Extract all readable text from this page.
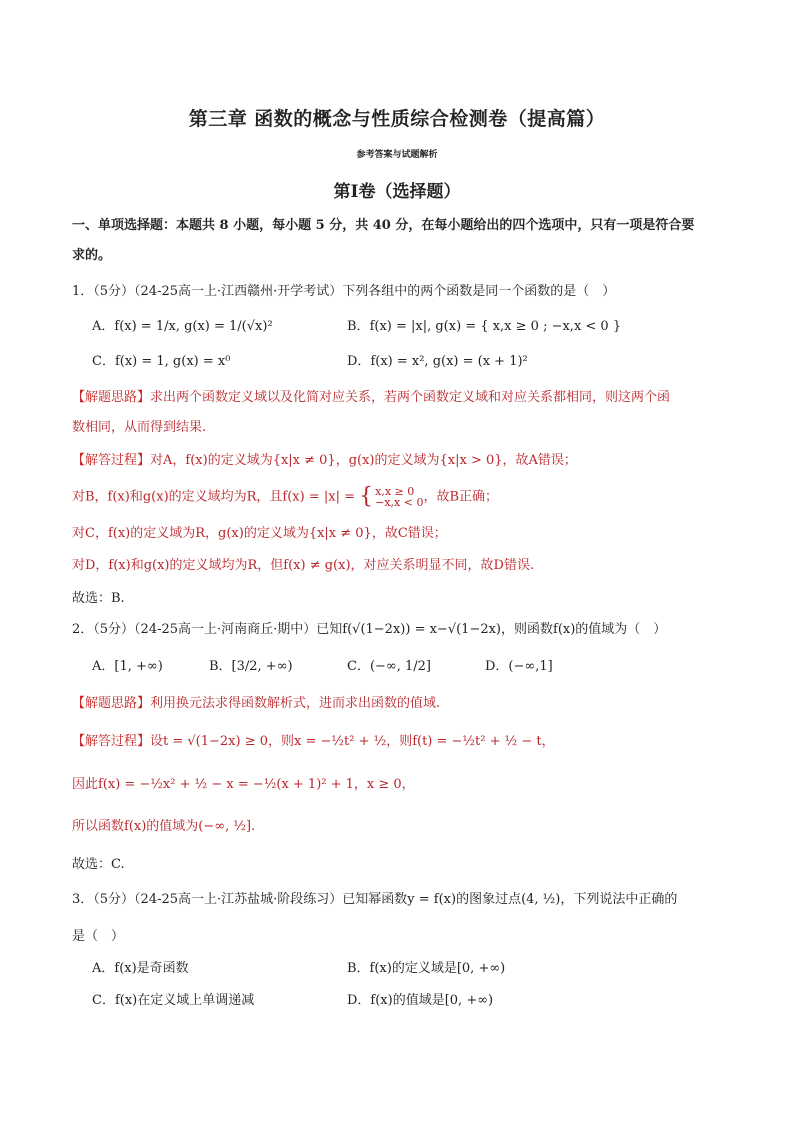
第三章 函数的概念与性质综合检测卷（提高篇）
参考答案与试题解析
第I卷（选择题）
一、单项选择题：本题共 8 小题，每小题 5 分，共 40 分，在每小题给出的四个选项中，只有一项是符合要
求的。
1．（5分）（24-25高一上·江西赣州·开学考试）下列各组中的两个函数是同一个函数的是（　）
A．f(x) = 1/x, g(x) = 1/(√x)²	B．f(x) = |x|, g(x) = { x,x ≥ 0 ; −x,x < 0 }
C．f(x) = 1, g(x) = x⁰	D．f(x) = x², g(x) = (x + 1)²
【解题思路】求出两个函数定义域以及化简对应关系，若两个函数定义域和对应关系都相同，则这两个函
数相同，从而得到结果.
【解答过程】对A，f(x)的定义域为{x|x ≠ 0}，g(x)的定义域为{x|x > 0}，故A错误；
对B，f(x)和g(x)的定义域均为R，且f(x) = |x| = { x,x ≥ 0
−x,x < 0 ，故B正确；
对C，f(x)的定义域为R，g(x)的定义域为{x|x ≠ 0}，故C错误；
对D，f(x)和g(x)的定义域均为R，但f(x) ≠ g(x)，对应关系明显不同，故D错误.
故选：B.
2．（5分）（24-25高一上·河南商丘·期中）已知f(√(1−2x)) = x−√(1−2x)，则函数f(x)的值域为（　）
A．[1, +∞)	B．[3/2, +∞)	C．(−∞, 1/2]	D．(−∞,1]
【解题思路】利用换元法求得函数解析式，进而求出函数的值域.
【解答过程】设t = √(1−2x) ≥ 0，则x = −½t² + ½，则f(t) = −½t² + ½ − t，
因此f(x) = −½x² + ½ − x = −½(x + 1)² + 1，x ≥ 0，
所以函数f(x)的值域为(−∞, ½].
故选：C.
3．（5分）（24-25高一上·江苏盐城·阶段练习）已知幂函数y = f(x)的图象过点(4, ½)，下列说法中正确的
是（　）
A．f(x)是奇函数	B．f(x)的定义域是[0, +∞)
C．f(x)在定义域上单调递减	D．f(x)的值域是[0, +∞)
